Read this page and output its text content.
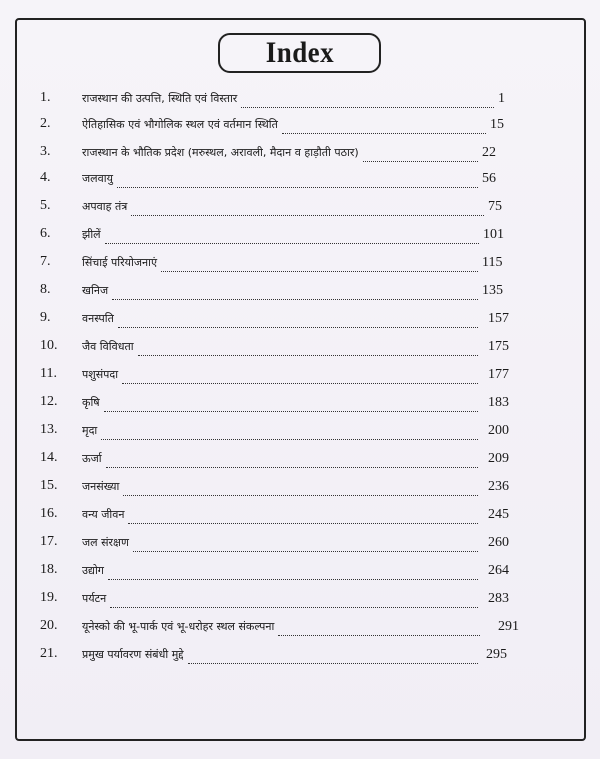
Index
1.	राजस्थान की उत्पत्ति, स्थिति एवं विस्तार	1
2.	ऐतिहासिक एवं भौगोलिक स्थल एवं वर्तमान स्थिति	15
3.	राजस्थान के भौतिक प्रदेश (मरुस्थल, अरावली, मैदान व हाड़ौती पठार)	22
4.	जलवायु	56
5.	अपवाह तंत्र	75
6.	झीलें	101
7.	सिंचाई परियोजनाएं	115
8.	खनिज	135
9.	वनस्पति	157
10. जैव विविधता	175
11. पशुसंपदा	177
12. कृषि	183
13. मृदा	200
14. ऊर्जा	209
15. जनसंख्या	236
16. वन्य जीवन	245
17. जल संरक्षण	260
18. उद्योग	264
19. पर्यटन	283
20. यूनेस्को की भू-पार्क एवं भू-धरोहर स्थल संकल्पना	291
21. प्रमुख पर्यावरण संबंधी मुद्दे	295
